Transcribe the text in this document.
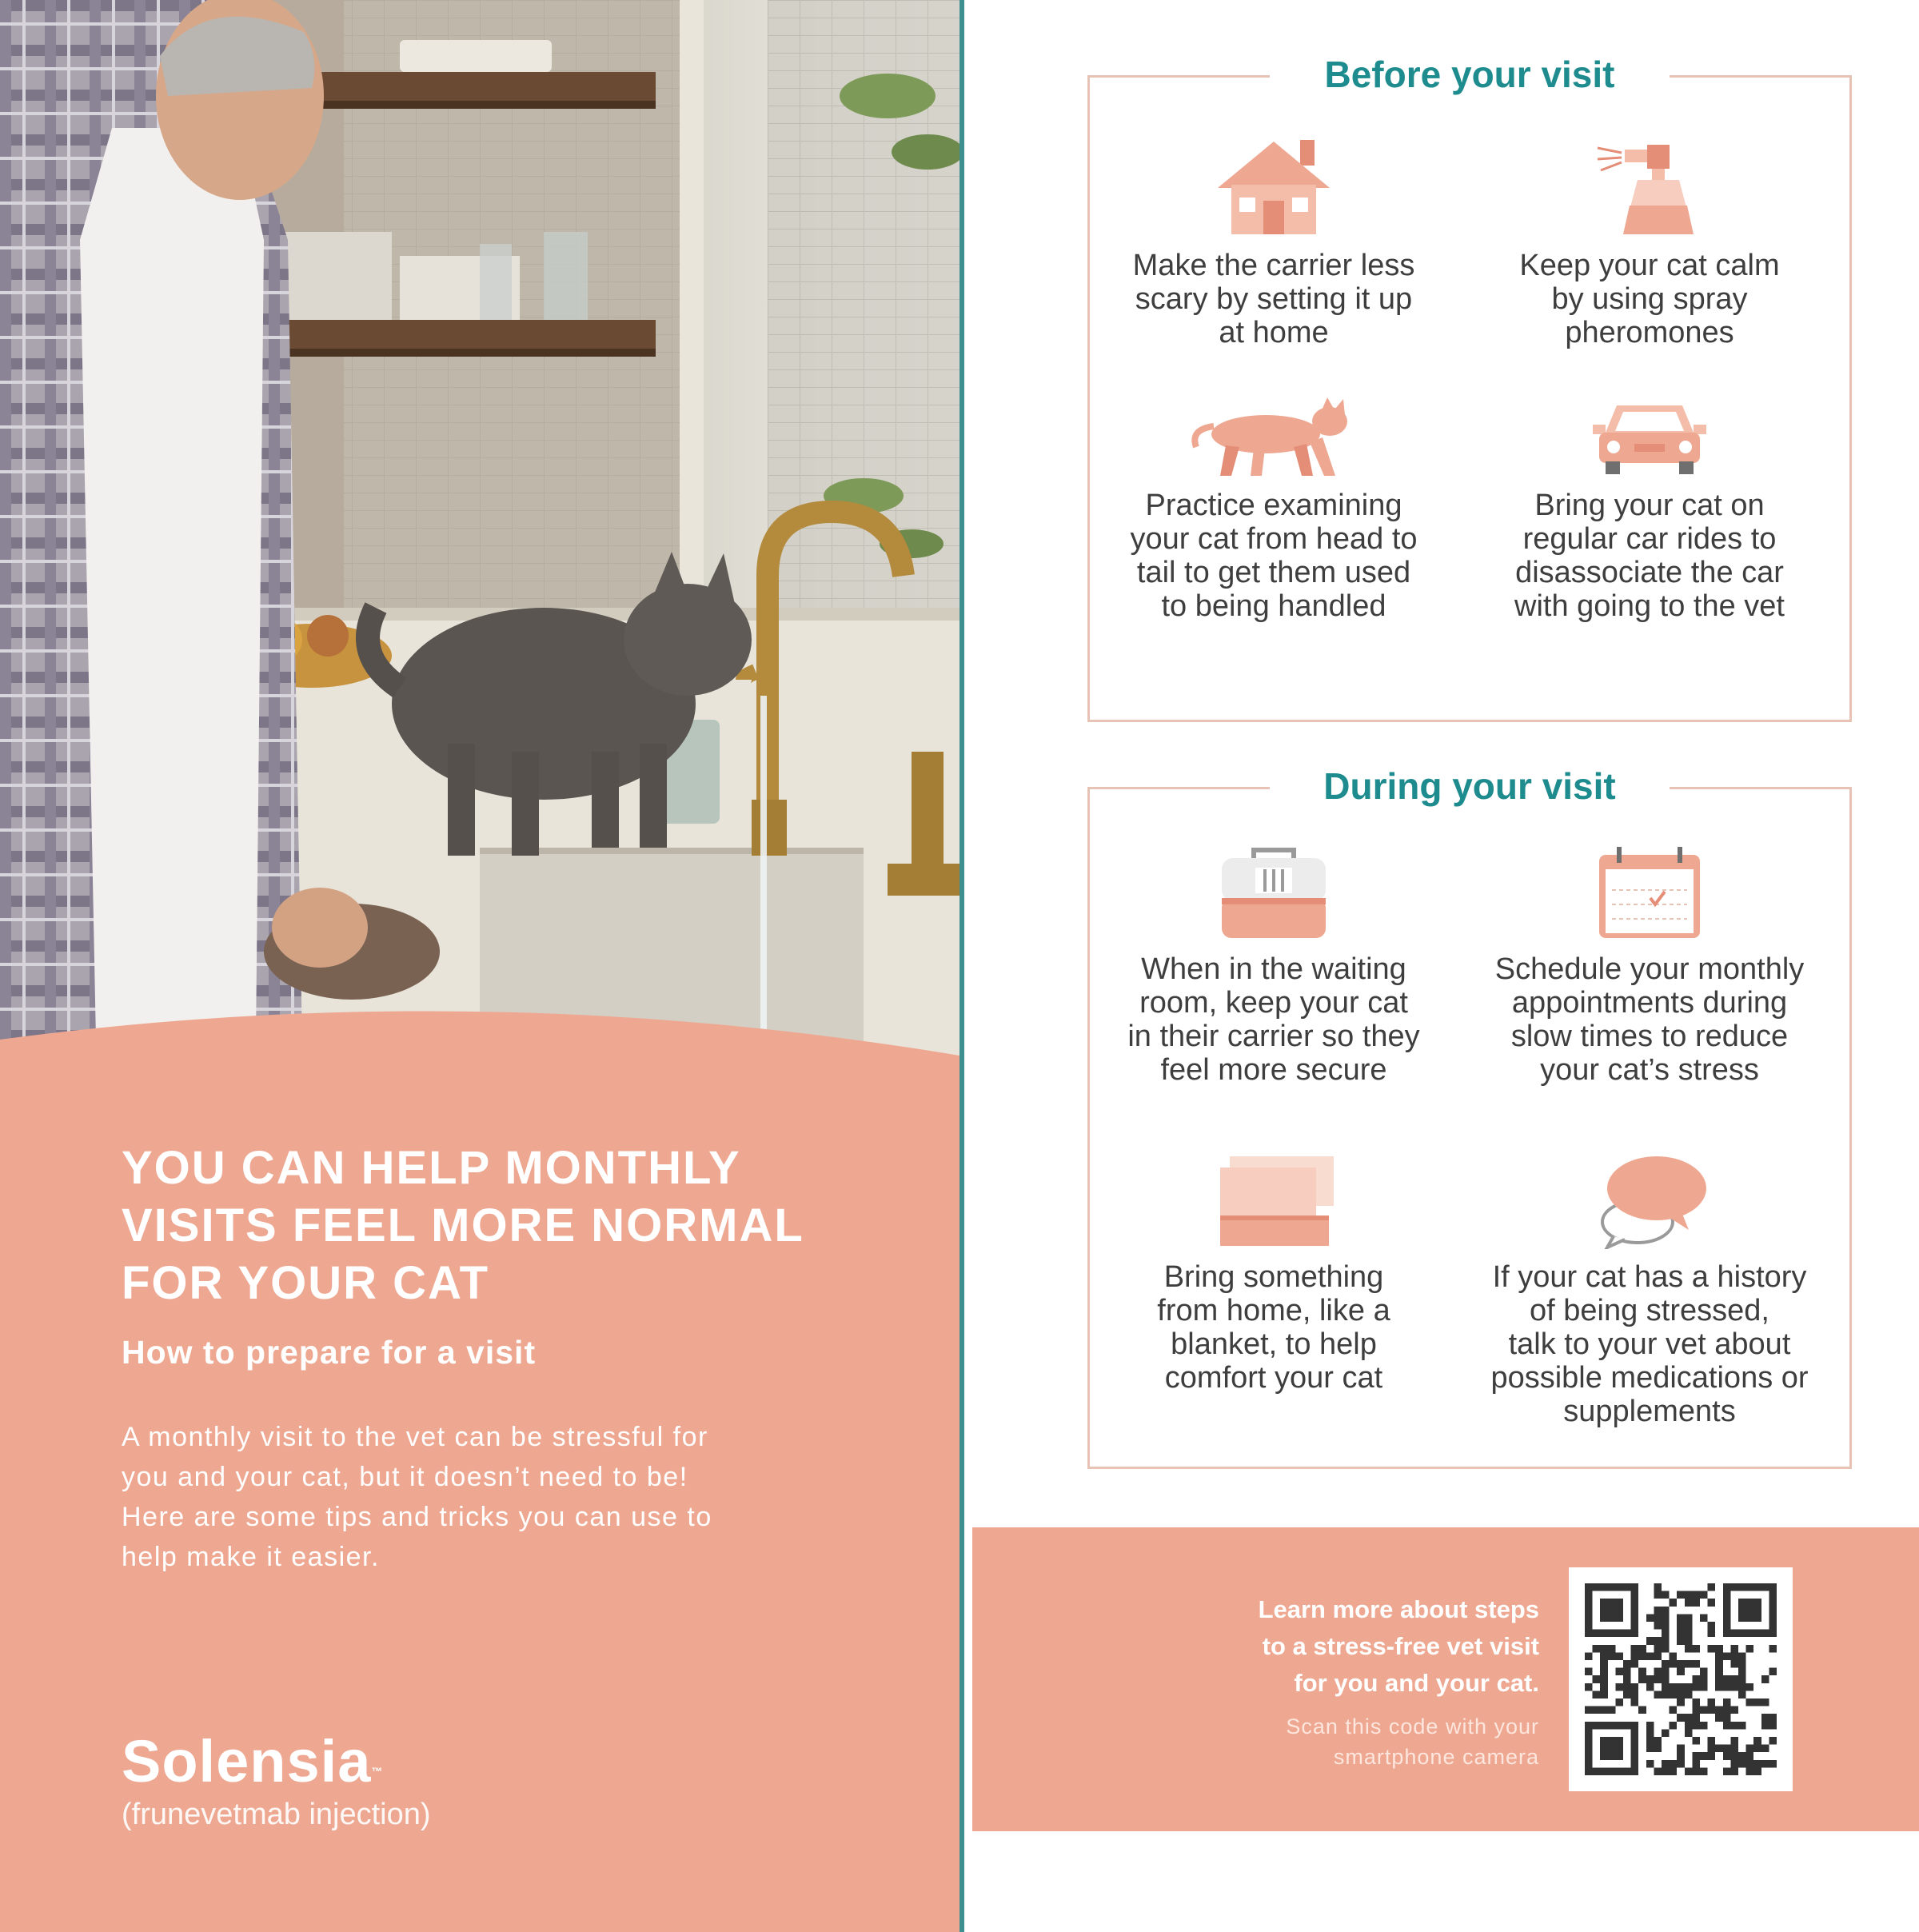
YOU CAN HELP MONTHLY
VISITS FEEL MORE NORMAL
FOR YOUR CAT
How to prepare for a visit

A monthly visit to the vet can be stressful for
you and your cat, but it doesn’t need to be!
Here are some tips and tricks you can use to
help make it easier.

Solensia™
(frunevetmab injection)
Before your visit

Make the carrier less
scary by setting it up
at home

Keep your cat calm
by using spray
pheromones

Practice examining
your cat from head to
tail to get them used
to being handled

Bring your cat on
regular car rides to
disassociate the car
with going to the vet

During your visit

When in the waiting
room, keep your cat
in their carrier so they
feel more secure

Schedule your monthly
appointments during
slow times to reduce
your cat’s stress

Bring something
from home, like a
blanket, to help
comfort your cat

If your cat has a history
of being stressed,
talk to your vet about
possible medications or
supplements

Learn more about steps
to a stress-free vet visit
for you and your cat.

Scan this code with your
smartphone camera
